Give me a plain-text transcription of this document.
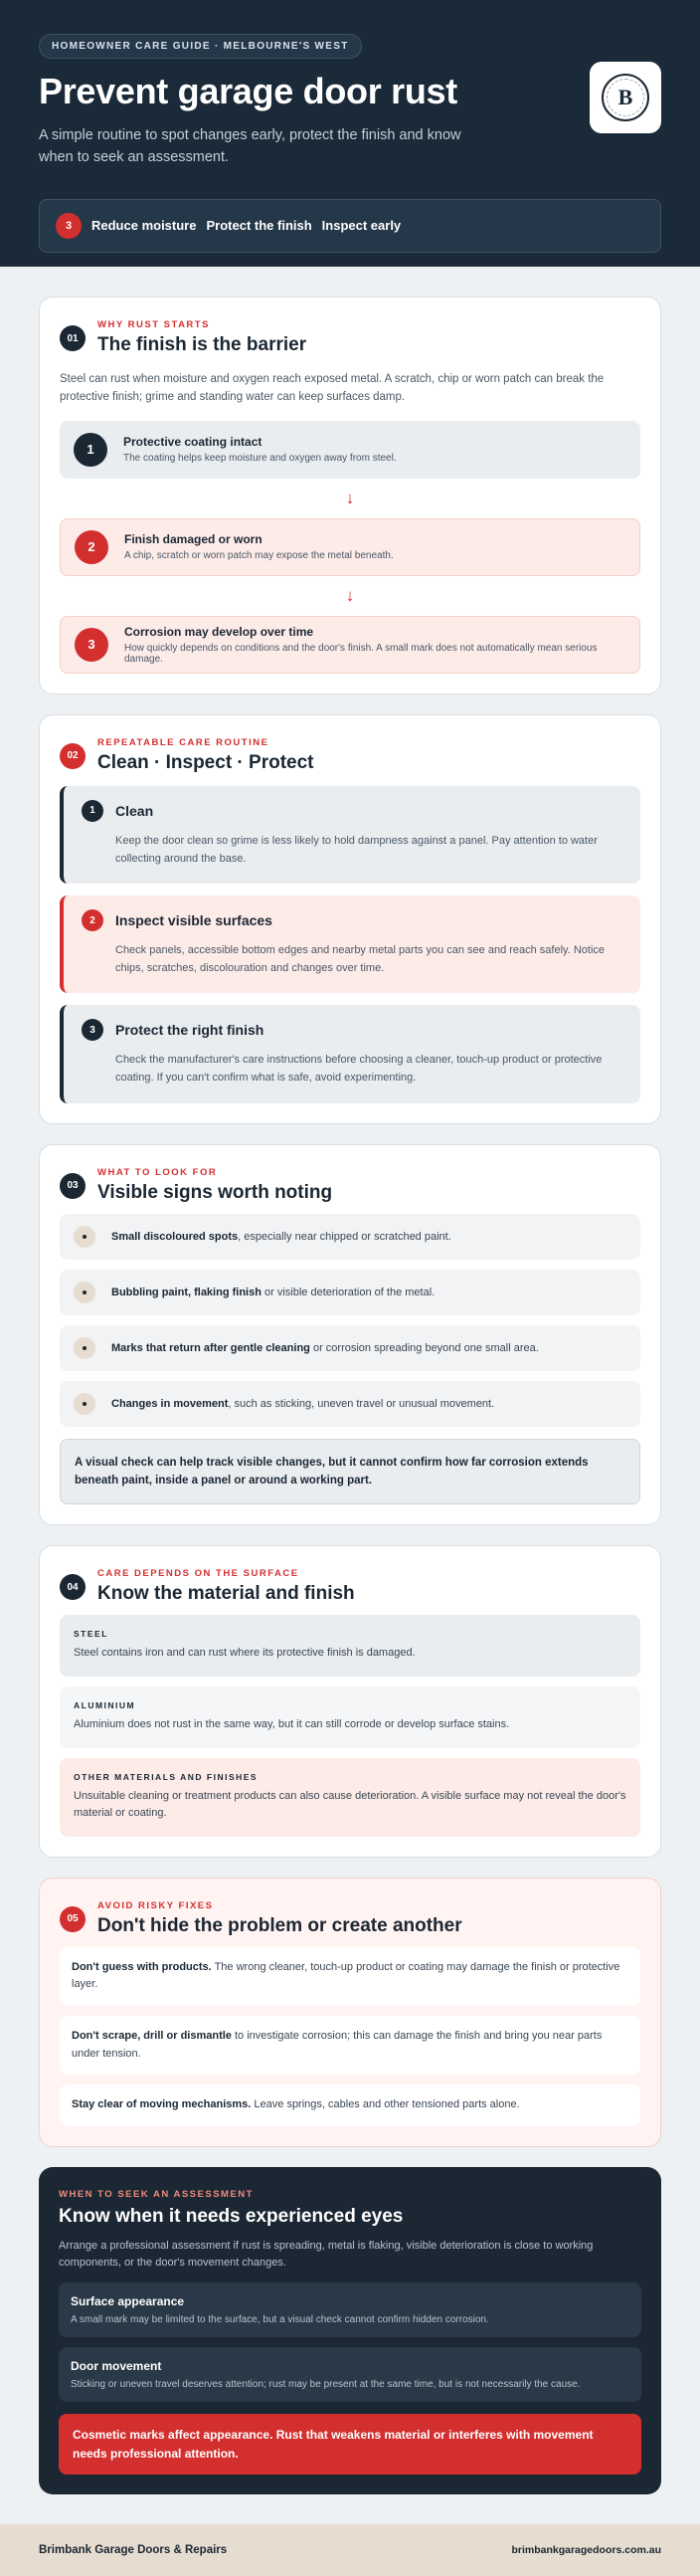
HOMEOWNER CARE GUIDE · MELBOURNE'S WEST
Prevent garage door rust

A simple routine to spot changes early, protect the finish and know when to seek an assessment.

B
3	Reduce moisture Protect the finish Inspect early
01
WHY RUST STARTS
The finish is the barrier

Steel can rust when moisture and oxygen reach exposed metal. A scratch, chip or worn patch can break the protective finish; grime and standing water can keep surfaces damp.

1	Protective coating intact
The coating helps keep moisture and oxygen away from steel.
↓
2	Finish damaged or worn
A chip, scratch or worn patch may expose the metal beneath.
↓
3
Corrosion may develop over time
How quickly depends on conditions and the door's finish. A small mark does not automatically mean serious damage.
02
REPEATABLE CARE ROUTINE
Clean · Inspect · Protect
1	Clean
Keep the door clean so grime is less likely to hold dampness against a panel. Pay attention to water collecting around the base.
2	Inspect visible surfaces
Check panels, accessible bottom edges and nearby metal parts you can see and reach safely. Notice chips, scratches, discolouration and changes over time.
3	Protect the right finish
Check the manufacturer's care instructions before choosing a cleaner, touch-up product or protective coating. If you can't confirm what is safe, avoid experimenting.
03
WHAT TO LOOK FOR
Visible signs worth noting
Small discoloured spots, especially near chipped or scratched paint.
Bubbling paint, flaking finish or visible deterioration of the metal.
Marks that return after gentle cleaning or corrosion spreading beyond one small area.
Changes in movement, such as sticking, uneven travel or unusual movement.
A visual check can help track visible changes, but it cannot confirm how far corrosion extends beneath paint, inside a panel or around a working part.
04
CARE DEPENDS ON THE SURFACE
Know the material and finish
STEEL
Steel contains iron and can rust where its protective finish is damaged.
ALUMINIUM
Aluminium does not rust in the same way, but it can still corrode or develop surface stains.
OTHER MATERIALS AND FINISHES
Unsuitable cleaning or treatment products can also cause deterioration. A visible surface may not reveal the door's material or coating.
05
AVOID RISKY FIXES
Don't hide the problem or create another
Don't guess with products. The wrong cleaner, touch-up product or coating may damage the finish or protective layer.
Don't scrape, drill or dismantle to investigate corrosion; this can damage the finish and bring you near parts under tension.
Stay clear of moving mechanisms. Leave springs, cables and other tensioned parts alone.
WHEN TO SEEK AN ASSESSMENT
Know when it needs experienced eyes

Arrange a professional assessment if rust is spreading, metal is flaking, visible deterioration is close to working components, or the door's movement changes.

Surface appearance
A small mark may be limited to the surface, but a visual check cannot confirm hidden corrosion.
Door movement
Sticking or uneven travel deserves attention; rust may be present at the same time, but is not necessarily the cause.
Cosmetic marks affect appearance. Rust that weakens material or interferes with movement needs professional attention.
Brimbank Garage Doors & Repairs	brimbankgaragedoors.com.au
